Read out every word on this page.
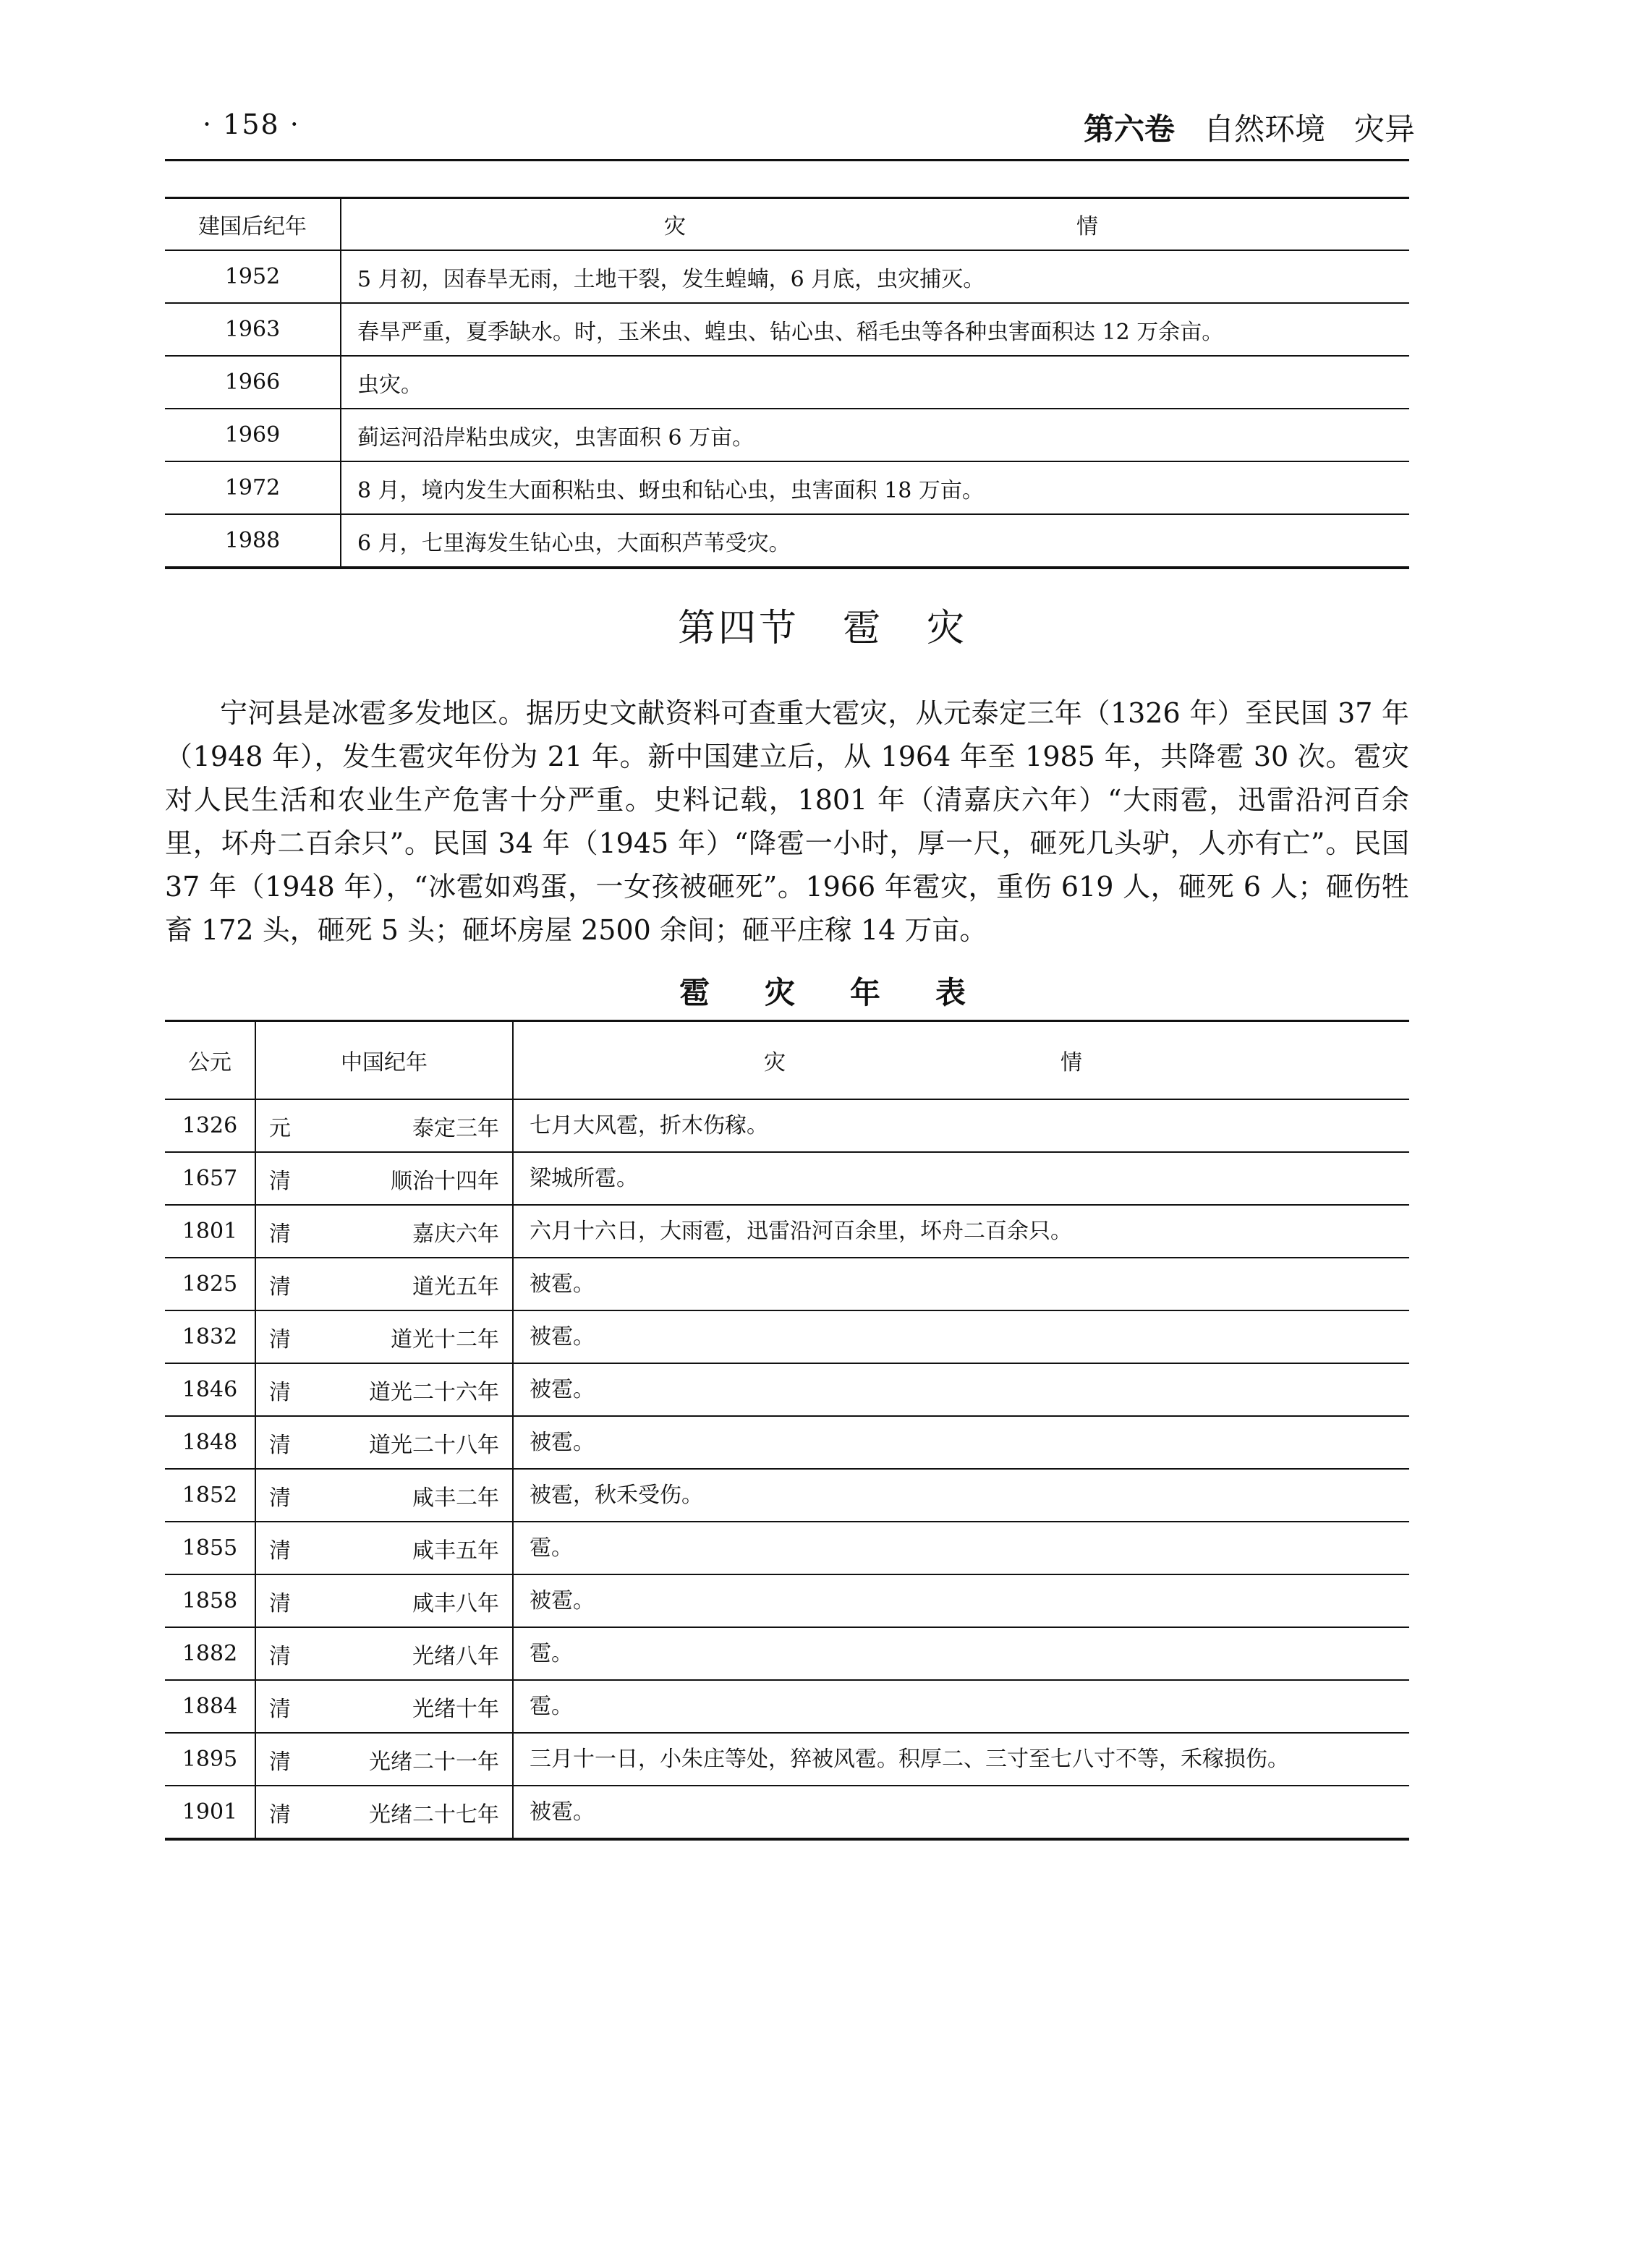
· 158 ·	第六卷 自然环境 灾异
建国后纪年	灾 情
1952	5 月初，因春旱无雨，土地干裂，发生蝗蝻，6 月底，虫灾捕灭。
1963	春旱严重，夏季缺水。时，玉米虫、蝗虫、钻心虫、稻毛虫等各种虫害面积达 12 万余亩。
1966	虫灾。
1969	蓟运河沿岸粘虫成灾，虫害面积 6 万亩。
1972	8 月，境内发生大面积粘虫、蚜虫和钻心虫，虫害面积 18 万亩。
1988	6 月，七里海发生钻心虫，大面积芦苇受灾。
第四节 雹 灾

宁河县是冰雹多发地区。据历史文献资料可查重大雹灾，从元泰定三年（1326 年）至民国 37 年（1948 年），发生雹灾年份为 21 年。新中国建立后，从 1964 年至 1985 年，共降雹 30 次。雹灾对人民生活和农业生产危害十分严重。史料记载，1801 年（清嘉庆六年）“大雨雹，迅雷沿河百余里，坏舟二百余只”。民国 34 年（1945 年）“降雹一小时，厚一尺，砸死几头驴，人亦有亡”。民国 37 年（1948 年），“冰雹如鸡蛋，一女孩被砸死”。1966 年雹灾，重伤 619 人，砸死 6 人；砸伤牲畜 172 头，砸死 5 头；砸坏房屋 2500 余间；砸平庄稼 14 万亩。

雹 灾 年 表
公元	中国纪年		灾 情
1326	元	泰定三年	七月大风雹，折木伤稼。
1657	清	顺治十四年	梁城所雹。
1801	清	嘉庆六年	六月十六日，大雨雹，迅雷沿河百余里，坏舟二百余只。
1825	清	道光五年	被雹。
1832	清	道光十二年	被雹。
1846	清	道光二十六年	被雹。
1848	清	道光二十八年	被雹。
1852	清	咸丰二年	被雹，秋禾受伤。
1855	清	咸丰五年	雹。
1858	清	咸丰八年	被雹。
1882	清	光绪八年	雹。
1884	清	光绪十年	雹。
1895	清	光绪二十一年	三月十一日，小朱庄等处，猝被风雹。积厚二、三寸至七八寸不等，禾稼损伤。
1901	清	光绪二十七年	被雹。
